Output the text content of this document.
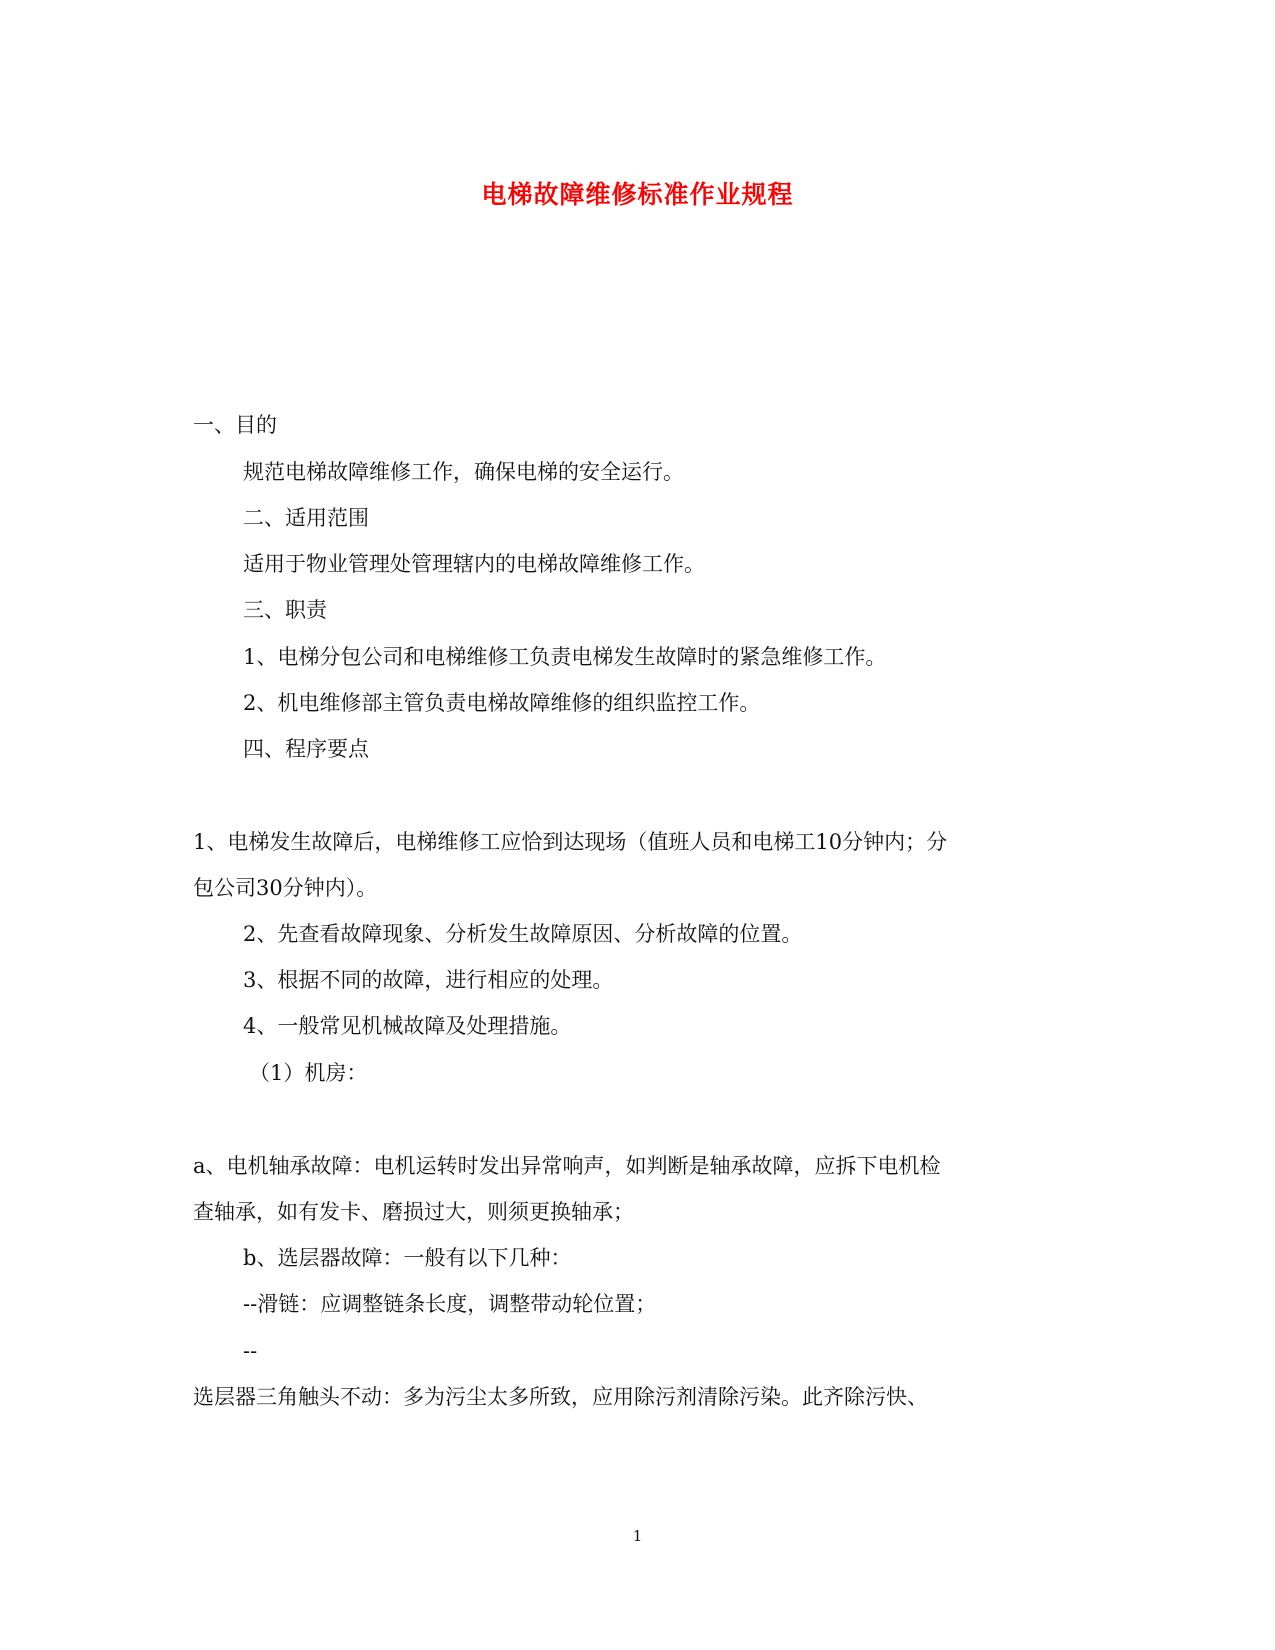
电梯故障维修标准作业规程

一、目的

规范电梯故障维修工作，确保电梯的安全运行。

二、适用范围

适用于物业管理处管理辖内的电梯故障维修工作。

三、职责

1、电梯分包公司和电梯维修工负责电梯发生故障时的紧急维修工作。

2、机电维修部主管负责电梯故障维修的组织监控工作。

四、程序要点

1、电梯发生故障后，电梯维修工应恰到达现场（值班人员和电梯工10分钟内；分

包公司30分钟内）。

2、先查看故障现象、分析发生故障原因、分析故障的位置。

3、根据不同的故障，进行相应的处理。

4、一般常见机械故障及处理措施。

（1）机房：

a、电机轴承故障：电机运转时发出异常响声，如判断是轴承故障，应拆下电机检

查轴承，如有发卡、磨损过大，则须更换轴承；

b、选层器故障：一般有以下几种：

--滑链：应调整链条长度，调整带动轮位置；

--

选层器三角触头不动：多为污尘太多所致，应用除污剂清除污染。此齐除污快、

1
